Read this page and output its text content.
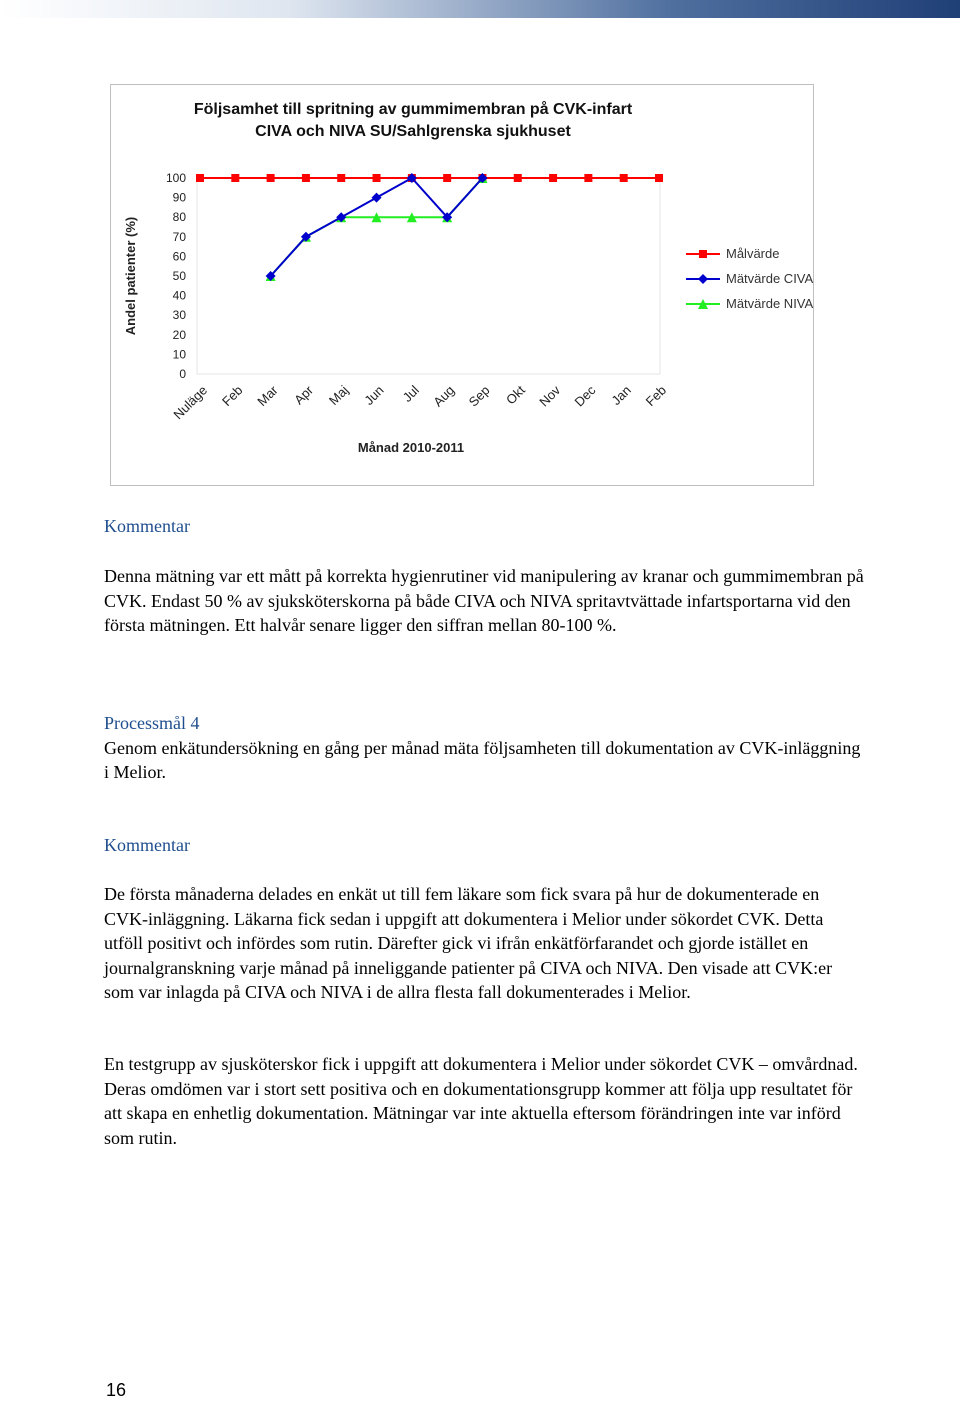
Följsamhet till spritning av gummimembran på CVK-infart
CIVA och NIVA SU/Sahlgrenska sjukhuset
0
10
20
30
40
50
60
70
80
90
100
Andel patienter (%)
Nuläge Feb Mar Apr Maj Jun Jul Aug Sep Okt Nov Dec Jan Feb
Månad 2010-2011
Målvärde
Mätvärde CIVA
Mätvärde NIVA

Kommentar

Denna mätning var ett mått på korrekta hygienrutiner vid manipulering av kranar och gummimembran på CVK. Endast 50 % av sjuksköterskorna på både CIVA och NIVA spritavtvättade infartsportarna vid den första mätningen. Ett halvår senare ligger den siffran mellan 80-100 %.

Processmål 4

Genom enkätundersökning en gång per månad mäta följsamheten till dokumentation av CVK-inläggning i Melior.

Kommentar

De första månaderna delades en enkät ut till fem läkare som fick svara på hur de dokumenterade en CVK-inläggning. Läkarna fick sedan i uppgift att dokumentera i Melior under sökordet CVK. Detta utföll positivt och infördes som rutin. Därefter gick vi ifrån enkätförfarandet och gjorde istället en journalgranskning varje månad på inneliggande patienter på CIVA och NIVA. Den visade att CVK:er som var inlagda på CIVA och NIVA i de allra flesta fall dokumenterades i Melior.

En testgrupp av sjusköterskor fick i uppgift att dokumentera i Melior under sökordet CVK – omvårdnad. Deras omdömen var i stort sett positiva och en dokumentationsgrupp kommer att följa upp resultatet för att skapa en enhetlig dokumentation. Mätningar var inte aktuella eftersom förändringen inte var införd som rutin.

16
